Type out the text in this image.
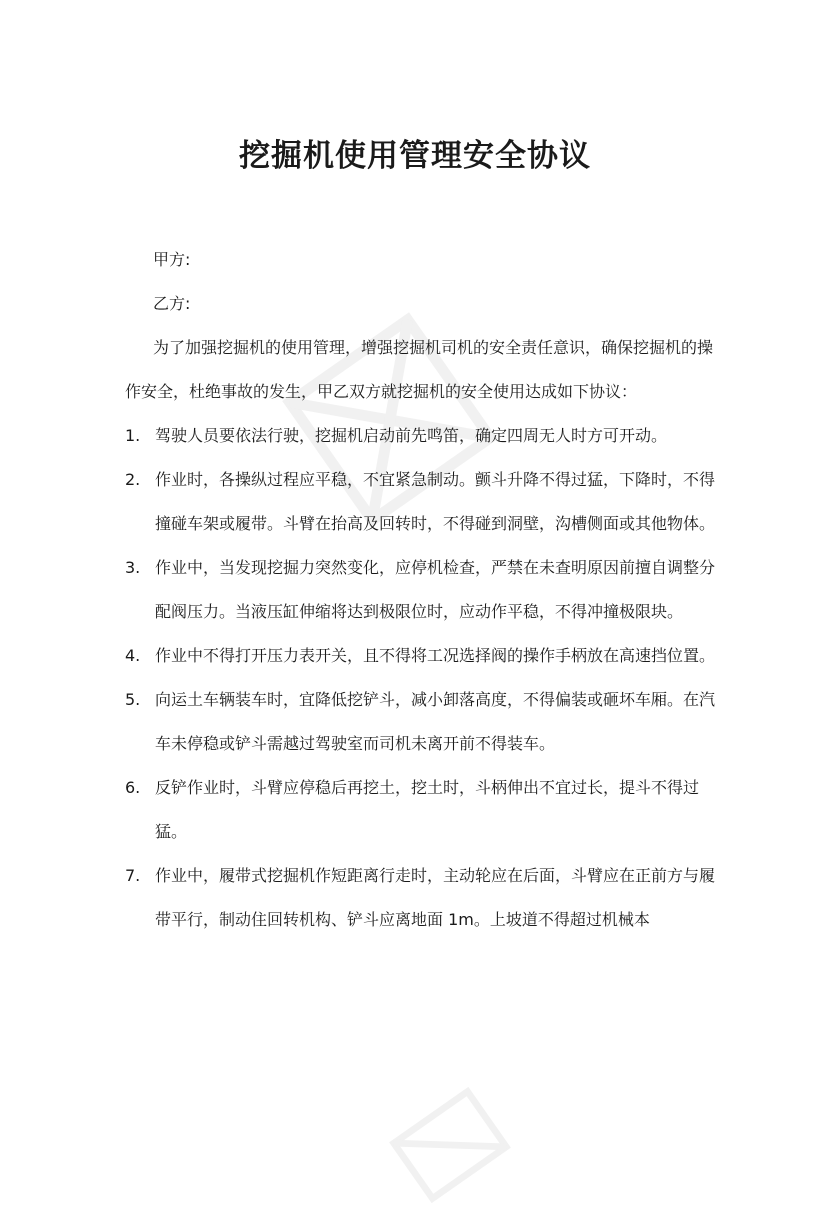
挖掘机使用管理安全协议

甲方:

乙方:

为了加强挖掘机的使用管理，增强挖掘机司机的安全责任意识，确保挖掘机的操作安全，杜绝事故的发生，甲乙双方就挖掘机的安全使用达成如下协议：

1. 驾驶人员要依法行驶，挖掘机启动前先鸣笛，确定四周无人时方可开动。
2. 作业时，各操纵过程应平稳，不宜紧急制动。颤斗升降不得过猛，下降时，不得撞碰车架或履带。斗臂在抬高及回转时，不得碰到洞壁，沟槽侧面或其他物体。
3. 作业中，当发现挖掘力突然变化，应停机检查，严禁在未查明原因前擅自调整分配阀压力。当液压缸伸缩将达到极限位时，应动作平稳，不得冲撞极限块。
4. 作业中不得打开压力表开关，且不得将工况选择阀的操作手柄放在高速挡位置。
5. 向运土车辆装车时，宜降低挖铲斗，减小卸落高度，不得偏装或砸坏车厢。在汽车未停稳或铲斗需越过驾驶室而司机未离开前不得装车。
6. 反铲作业时，斗臂应停稳后再挖土，挖土时，斗柄伸出不宜过长，提斗不得过猛。
7. 作业中，履带式挖掘机作短距离行走时，主动轮应在后面，斗臂应在正前方与履带平行，制动住回转机构、铲斗应离地面 1m。上坡道不得超过机械本
